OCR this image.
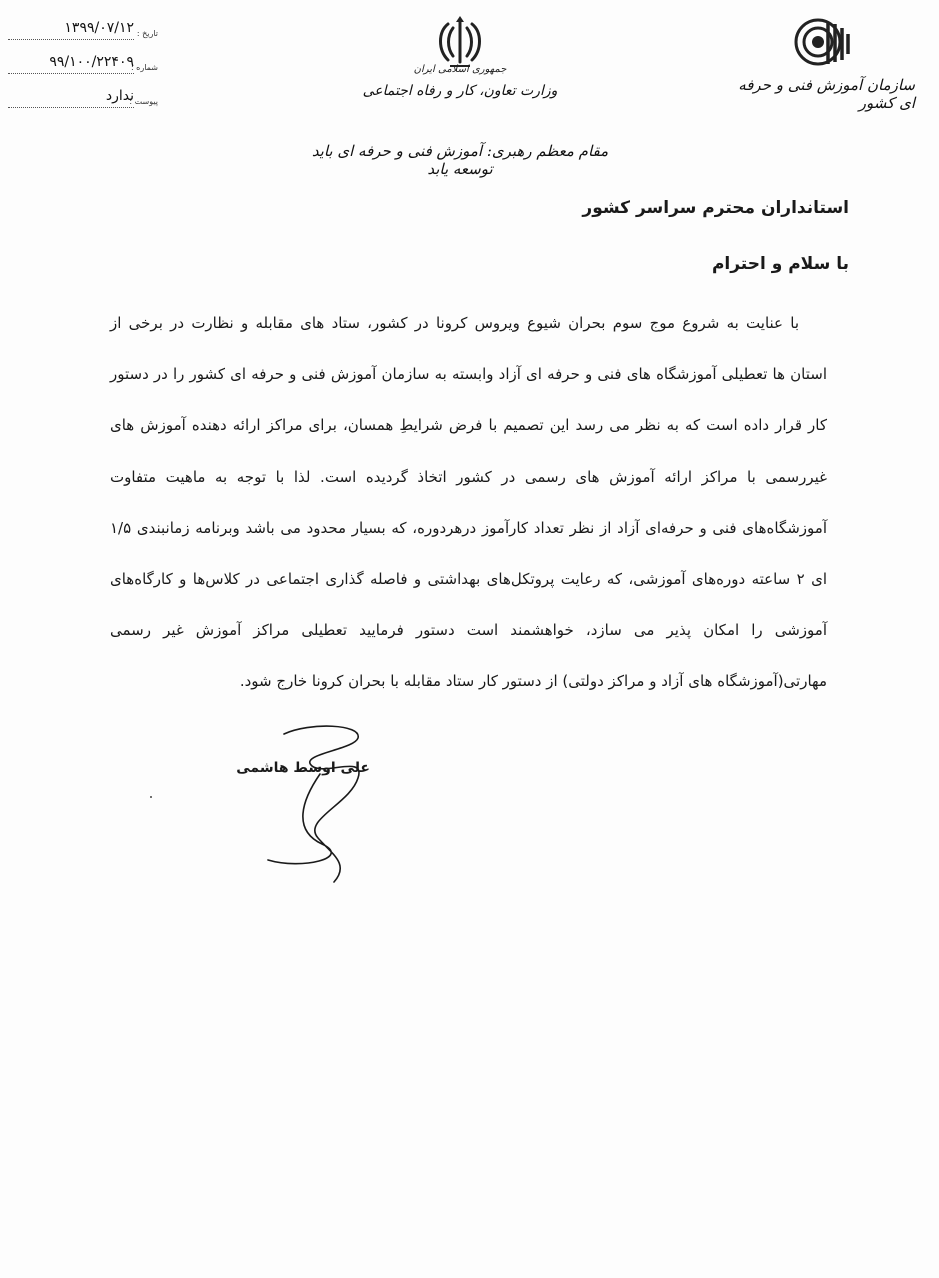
تاریخ :
۱۳۹۹/۰۷/۱۲
شماره :
۹۹/۱۰۰/۲۲۴۰۹
پیوست :
ندارد
جمهوری اسلامی ایران
وزارت تعاون، کار و رفاه اجتماعی	سازمان آموزش فنی و حرفه ای کشور
مقام معظم رهبری: آموزش فنی و حرفه ای باید توسعه یابد
استانداران محترم سراسر کشور
با سلام و احترام
با عنایت به شروع موج سوم بحران شیوع ویروس کرونا در کشور، ستاد های مقابله و نظارت در برخی از
استان ها تعطیلی آموزشگاه های فنی و حرفه ای آزاد وابسته به سازمان آموزش فنی و حرفه ای کشور را در دستور
کار قرار داده است که به نظر می رسد این تصمیم با فرض شرایطِ همسان، برای مراکز ارائه دهنده آموزش های
غیررسمی با مراکز ارائه آموزش های رسمی در کشور اتخاذ گردیده است. لذا با توجه به ماهیت متفاوت
آموزشگاه‌های فنی و حرفه‌ای آزاد از نظر تعداد کارآموز درهردوره، که بسیار محدود می باشد وبرنامه زمانبندی ۱/۵
ای ۲ ساعته دوره‌های آموزشی، که رعایت پروتکل‌های بهداشتی و فاصله گذاری اجتماعی در کلاس‌ها و کارگاه‌های
آموزشی را امکان پذیر می سازد، خواهشمند است دستور فرمایید تعطیلی مراکز آموزش غیر رسمی
مهارتی(آموزشگاه های آزاد و مراکز دولتی) از دستور کار ستاد مقابله با بحران کرونا خارج شود.
علی اوسط هاشمی
